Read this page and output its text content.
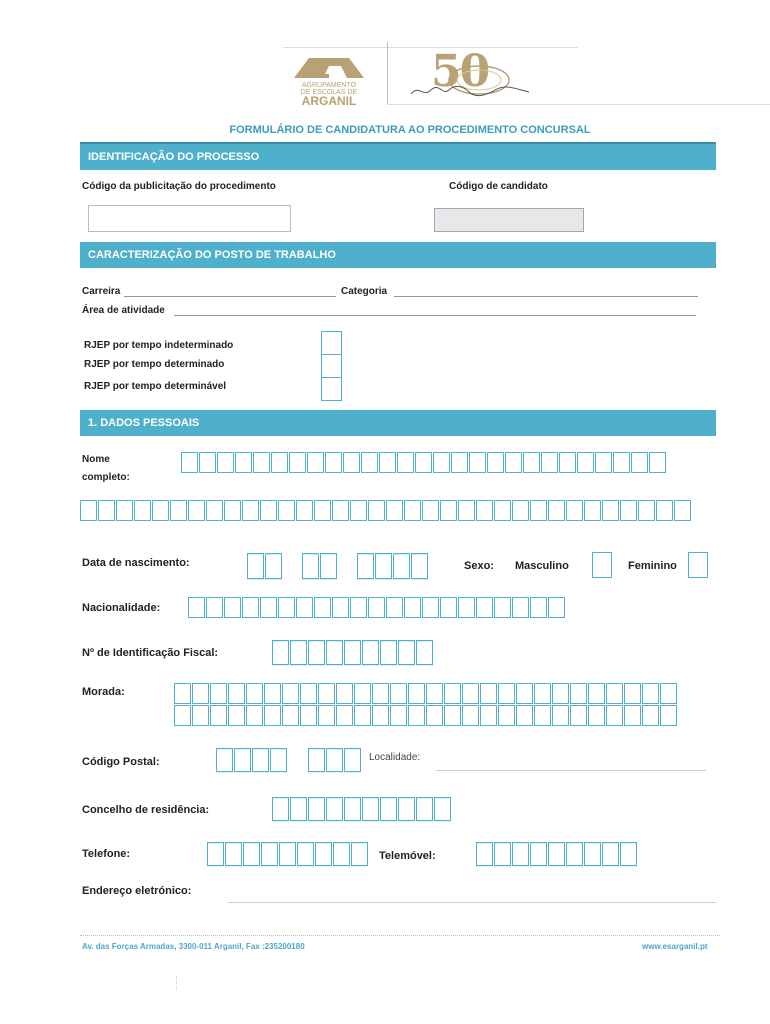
AGRUPAMENTO
DE ESCOLAS DE
ARGANIL
50
FORMULÁRIO DE CANDIDATURA AO PROCEDIMENTO CONCURSAL
IDENTIFICAÇÃO DO PROCESSO
Código da publicitação do procedimento	Código de candidato
CARACTERIZAÇÃO DO POSTO DE TRABALHO
Carreira	Categoria
Área de atividade
RJEP por tempo indeterminado
RJEP por tempo determinado
RJEP por tempo determinável
1. DADOS PESSOAIS
Nome
completo:
Data de nascimento:	Sexo: Masculino	Feminino
Nacionalidade:
Nº de Identificação Fiscal:
Morada:
Código Postal:	Localidade:
Concelho de residência:
Telefone:	Telemóvel:
Endereço eletrónico:
Av. das Forças Armadas, 3300-011 Arganil, Fax :235200180	www.esarganil.pt
